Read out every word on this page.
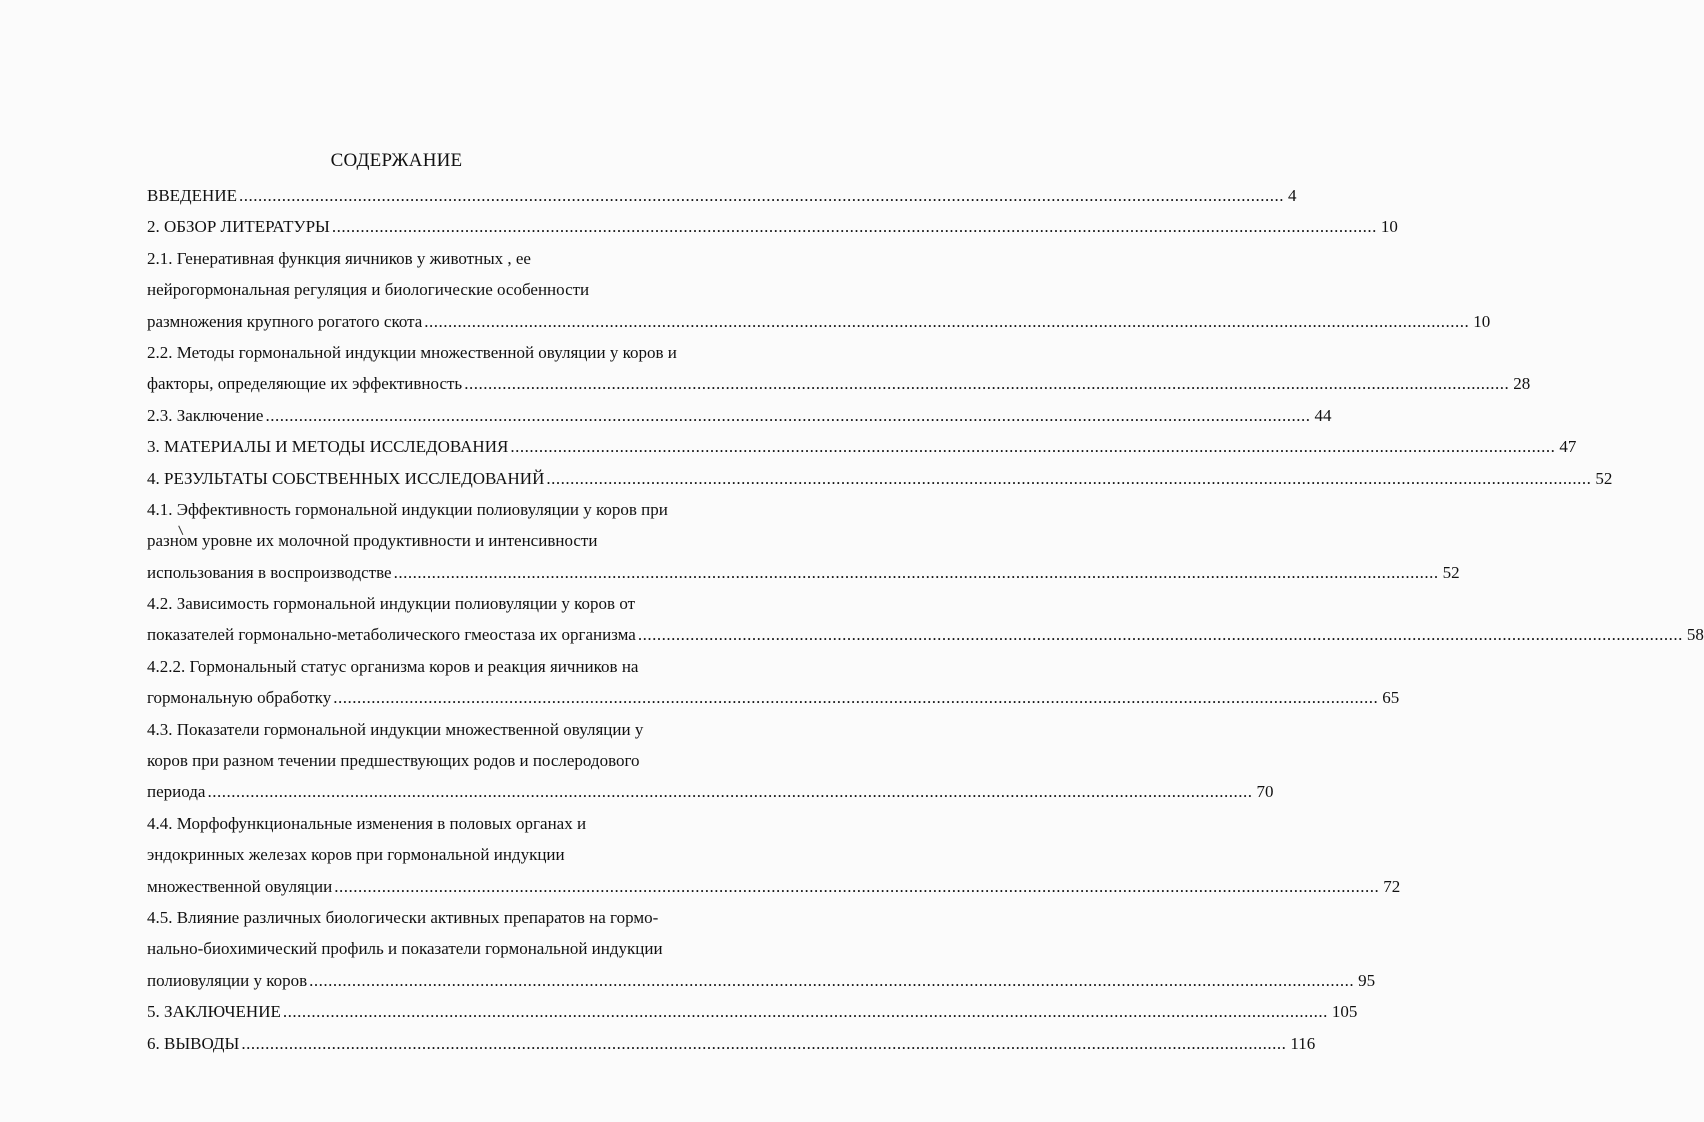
СОДЕРЖАНИЕ
ВВЕДЕНИЕ ............................................................................................................................................................................................................................ 4
2. ОБЗОР ЛИТЕРАТУРЫ ............................................................................................................................................................................................................................ 10
2.1. Генеративная функция яичников у животных , ее
нейрогормональная регуляция и биологические особенности
размножения крупного рогатого скота ............................................................................................................................................................................................................................ 10
2.2. Методы гормональной индукции множественной овуляции у коров и
факторы, определяющие их эффективность ............................................................................................................................................................................................................................ 28
2.3. Заключение ............................................................................................................................................................................................................................ 44
3. МАТЕРИАЛЫ И МЕТОДЫ ИССЛЕДОВАНИЯ ............................................................................................................................................................................................................................ 47
4. РЕЗУЛЬТАТЫ СОБСТВЕННЫХ ИССЛЕДОВАНИЙ ............................................................................................................................................................................................................................ 52
4.1. Эффективность гормональной индукции полиовуляции у коров при
разном уровне их молочной продуктивности и интенсивности
использования в воспроизводстве ............................................................................................................................................................................................................................ 52
4.2. Зависимость гормональной индукции полиовуляции у коров от
показателей гормонально-метаболического гмеостаза их организма ............................................................................................................................................................................................................................ 58
4.2.2. Гормональный статус организма коров и реакция яичников на
гормональную обработку ............................................................................................................................................................................................................................ 65
4.3. Показатели гормональной индукции множественной овуляции у
коров при разном течении предшествующих родов и послеродового
периода ............................................................................................................................................................................................................................ 70
4.4. Морфофункциональные изменения в половых органах и
эндокринных железах коров при гормональной индукции
множественной овуляции ............................................................................................................................................................................................................................ 72
4.5. Влияние различных биологически активных препаратов на гормо-
нально-биохимический профиль и показатели гормональной индукции
полиовуляции у коров ............................................................................................................................................................................................................................ 95
5. ЗАКЛЮЧЕНИЕ ............................................................................................................................................................................................................................ 105
6. ВЫВОДЫ ............................................................................................................................................................................................................................ 116
